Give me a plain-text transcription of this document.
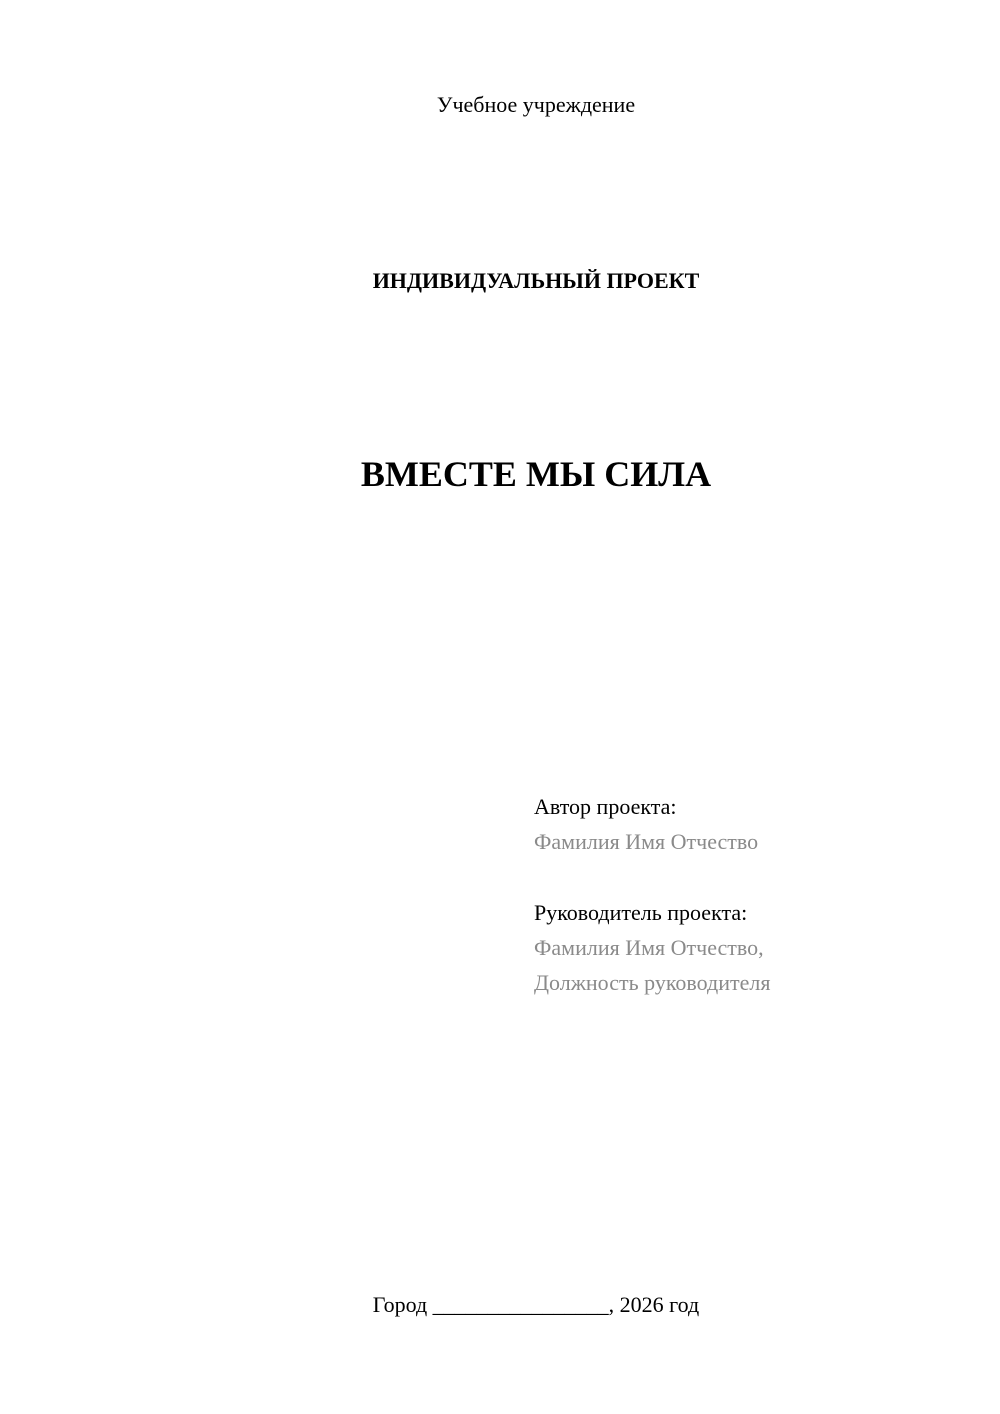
Учебное учреждение
ИНДИВИДУАЛЬНЫЙ ПРОЕКТ
ВМЕСТЕ МЫ СИЛА
Автор проекта:
Фамилия Имя Отчество
Руководитель проекта:
Фамилия Имя Отчество,
Должность руководителя
Город ________________, 2026 год
